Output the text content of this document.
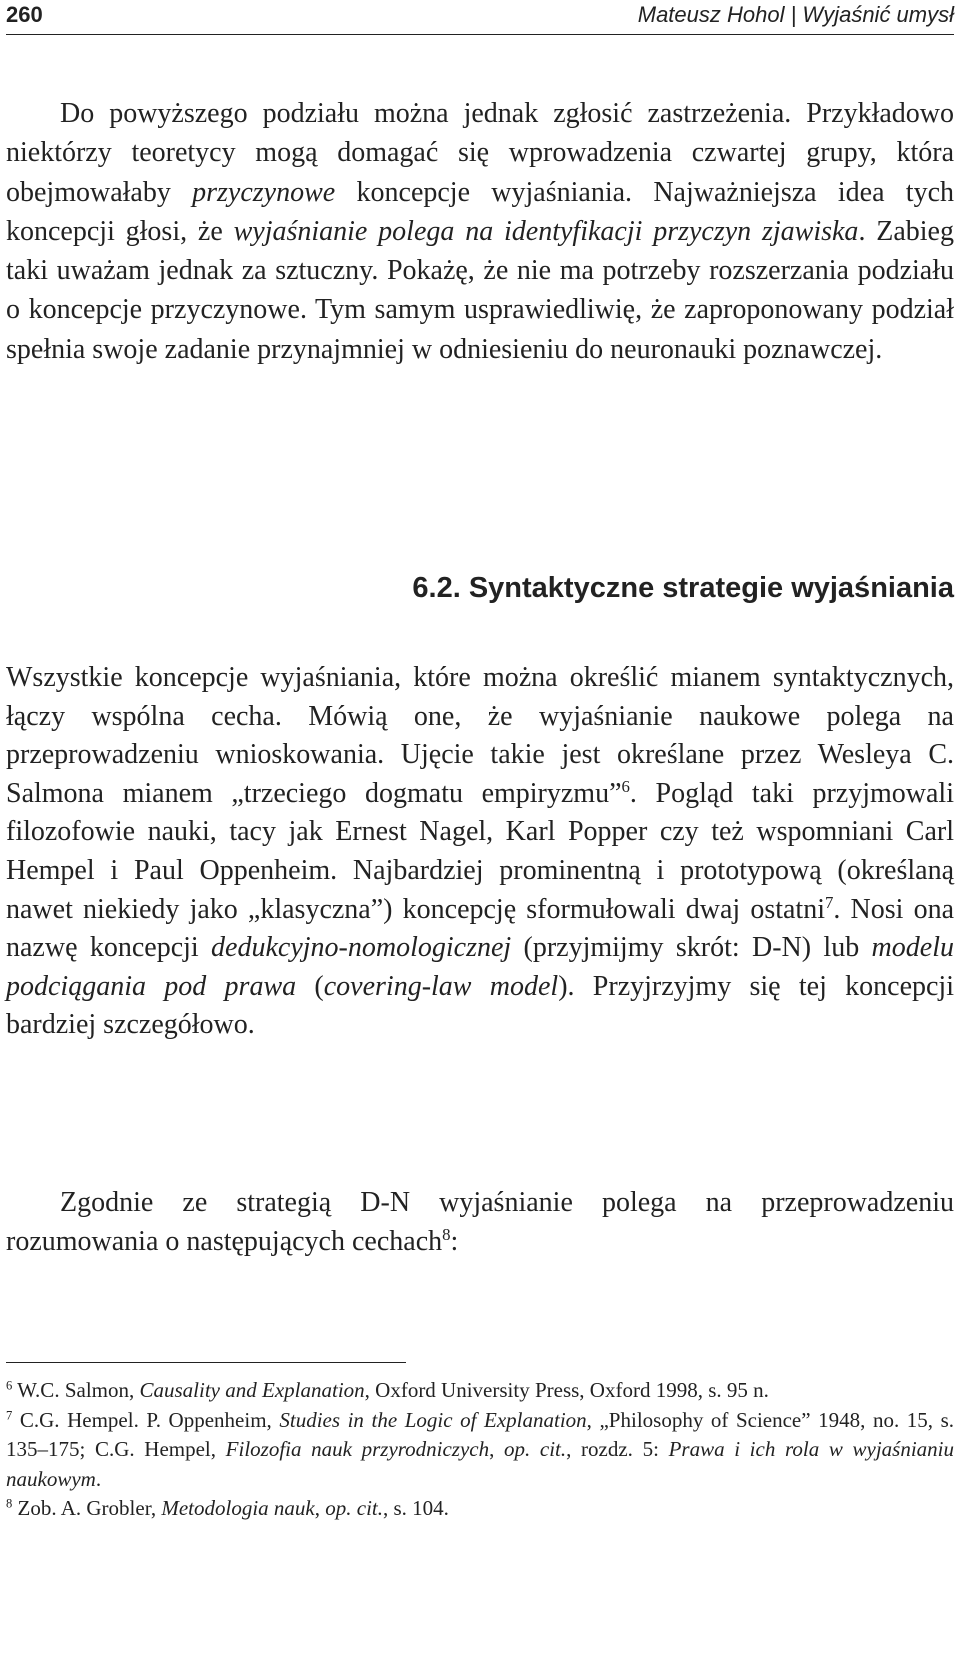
260	Mateusz Hohol | Wyjaśnić umysł

Do powyższego podziału można jednak zgłosić zastrzeżenia. Przykładowo niektórzy teoretycy mogą domagać się wprowadzenia czwartej grupy, która obejmowałaby przyczynowe koncepcje wyjaśniania. Najważniejsza idea tych koncepcji głosi, że wyjaśnianie polega na identyfikacji przyczyn zjawiska. Zabieg taki uważam jednak za sztuczny. Pokażę, że nie ma potrzeby rozszerzania podziału o koncepcje przyczynowe. Tym samym usprawiedliwię, że zaproponowany podział spełnia swoje zadanie przynajmniej w odniesieniu do neuronauki poznawczej.

6.2. Syntaktyczne strategie wyjaśniania

Wszystkie koncepcje wyjaśniania, które można określić mianem syntaktycznych, łączy wspólna cecha. Mówią one, że wyjaśnianie naukowe polega na przeprowadzeniu wnioskowania. Ujęcie takie jest określane przez Wesleya C. Salmona mianem „trzeciego dogmatu empiryzmu”$^6$. Pogląd taki przyjmowali filozofowie nauki, tacy jak Ernest Nagel, Karl Popper czy też wspomniani Carl Hempel i Paul Oppenheim. Najbardziej prominentną i prototypową (określaną nawet niekiedy jako „klasyczna”) koncepcję sformułowali dwaj ostatni$^7$. Nosi ona nazwę koncepcji dedukcyjno-nomologicznej (przyjmijmy skrót: D-N) lub modelu podciągania pod prawa (covering-law model). Przyjrzyjmy się tej koncepcji bardziej szczegółowo.

Zgodnie ze strategią D-N wyjaśnianie polega na przeprowadzeniu rozumowania o następujących cechach$^8$:

$^6$ W.C. Salmon, Causality and Explanation, Oxford University Press, Oxford 1998, s. 95 n.

$^7$ C.G. Hempel. P. Oppenheim, Studies in the Logic of Explanation, „Philosophy of Science” 1948, no. 15, s. 135–175; C.G. Hempel, Filozofia nauk przyrodniczych, op. cit., rozdz. 5: Prawa i ich rola w wyjaśnianiu naukowym.

$^8$ Zob. A. Grobler, Metodologia nauk, op. cit., s. 104.
